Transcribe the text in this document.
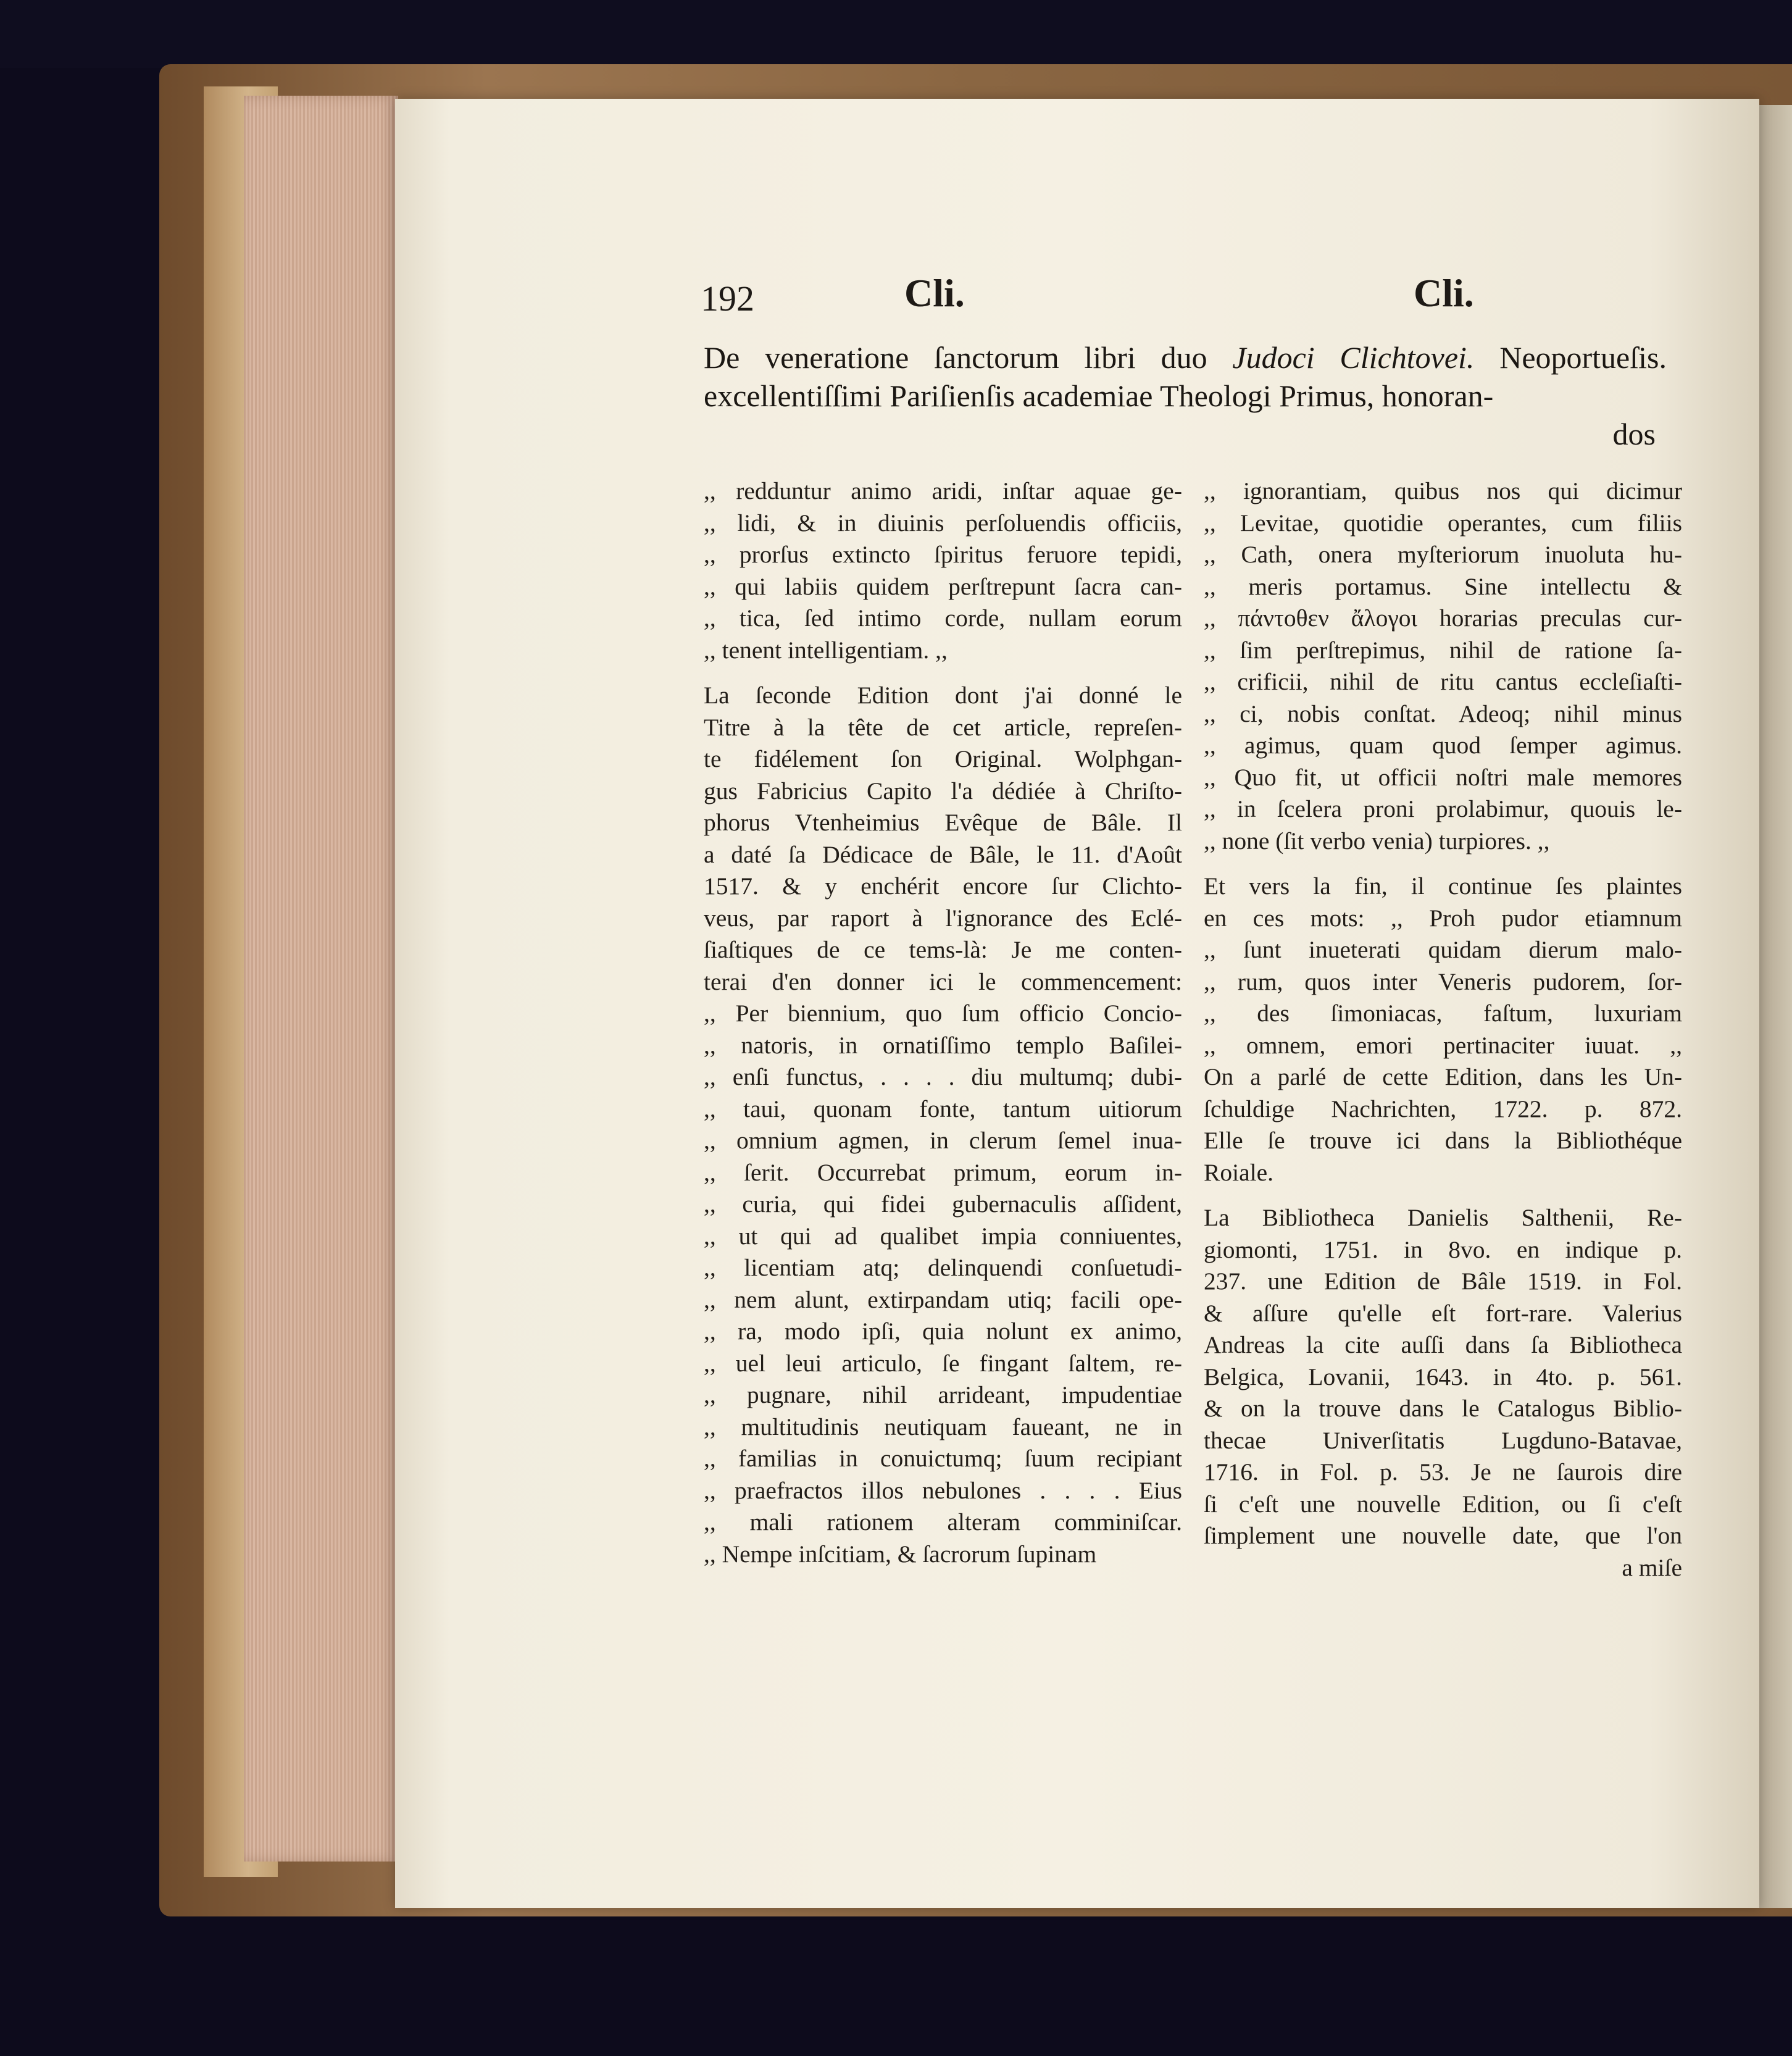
192	Cli.	Cli.
De veneratione ſanctorum libri duo Judoci Clichtovei. Neoportueſis. excellentiſſimi Pariſienſis academiae Theologi Primus, honoran-
dos
,, redduntur animo aridi, inſtar aquae ge-
,, lidi, & in diuinis perſoluendis officiis,
,, prorſus extincto ſpiritus feruore tepidi,
,, qui labiis quidem perſtrepunt ſacra can-
,, tica, ſed intimo corde, nullam eorum
,, tenent intelligentiam. ,,
La ſeconde Edition dont j'ai donné le
Titre à la tête de cet article, repreſen-
te fidélement ſon Original. Wolphgan-
gus Fabricius Capito l'a dédiée à Chriſto-
phorus Vtenheimius Evêque de Bâle. Il
a daté ſa Dédicace de Bâle, le 11. d'Août
1517. & y enchérit encore ſur Clichto-
veus, par raport à l'ignorance des Eclé-
ſiaſtiques de ce tems-là: Je me conten-
terai d'en donner ici le commencement:
,, Per biennium, quo ſum officio Concio-
,, natoris, in ornatiſſimo templo Baſilei-
,, enſi functus, . . . . diu multumq; dubi-
,, taui, quonam fonte, tantum uitiorum
,, omnium agmen, in clerum ſemel inua-
,, ſerit. Occurrebat primum, eorum in-
,, curia, qui fidei gubernaculis aſſident,
,, ut qui ad qualibet impia conniuentes,
,, licentiam atq; delinquendi conſuetudi-
,, nem alunt, extirpandam utiq; facili ope-
,, ra, modo ipſi, quia nolunt ex animo,
,, uel leui articulo, ſe fingant ſaltem, re-
,, pugnare, nihil arrideant, impudentiae
,, multitudinis neutiquam faueant, ne in
,, familias in conuictumq; ſuum recipiant
,, praefractos illos nebulones . . . . Eius
,, mali rationem alteram comminiſcar.
,, Nempe inſcitiam, & ſacrorum ſupinam
,, ignorantiam, quibus nos qui dicimur
,, Levitae, quotidie operantes, cum filiis
,, Cath, onera myſteriorum inuoluta hu-
,, meris portamus. Sine intellectu &
,, πάντοθεν ἄλογοι horarias preculas cur-
,, ſim perſtrepimus, nihil de ratione ſa-
,, crificii, nihil de ritu cantus eccleſiaſti-
,, ci, nobis conſtat. Adeoq; nihil minus
,, agimus, quam quod ſemper agimus.
,, Quo fit, ut officii noſtri male memores
,, in ſcelera proni prolabimur, quouis le-
,, none (ſit verbo venia) turpiores. ,,
Et vers la fin, il continue ſes plaintes
en ces mots: ,, Proh pudor etiamnum
,, ſunt inueterati quidam dierum malo-
,, rum, quos inter Veneris pudorem, ſor-
,, des ſimoniacas, faſtum, luxuriam
,, omnem, emori pertinaciter iuuat. ,,
On a parlé de cette Edition, dans les Un-
ſchuldige Nachrichten, 1722. p. 872.
Elle ſe trouve ici dans la Bibliothéque
Roiale.
La Bibliotheca Danielis Salthenii, Re-
giomonti, 1751. in 8vo. en indique p.
237. une Edition de Bâle 1519. in Fol.
& aſſure qu'elle eſt fort-rare. Valerius
Andreas la cite auſſi dans ſa Bibliotheca
Belgica, Lovanii, 1643. in 4to. p. 561.
& on la trouve dans le Catalogus Biblio-
thecae Univerſitatis Lugduno-Batavae,
1716. in Fol. p. 53. Je ne ſaurois dire
ſi c'eſt une nouvelle Edition, ou ſi c'eſt
ſimplement une nouvelle date, que l'on
a miſe
